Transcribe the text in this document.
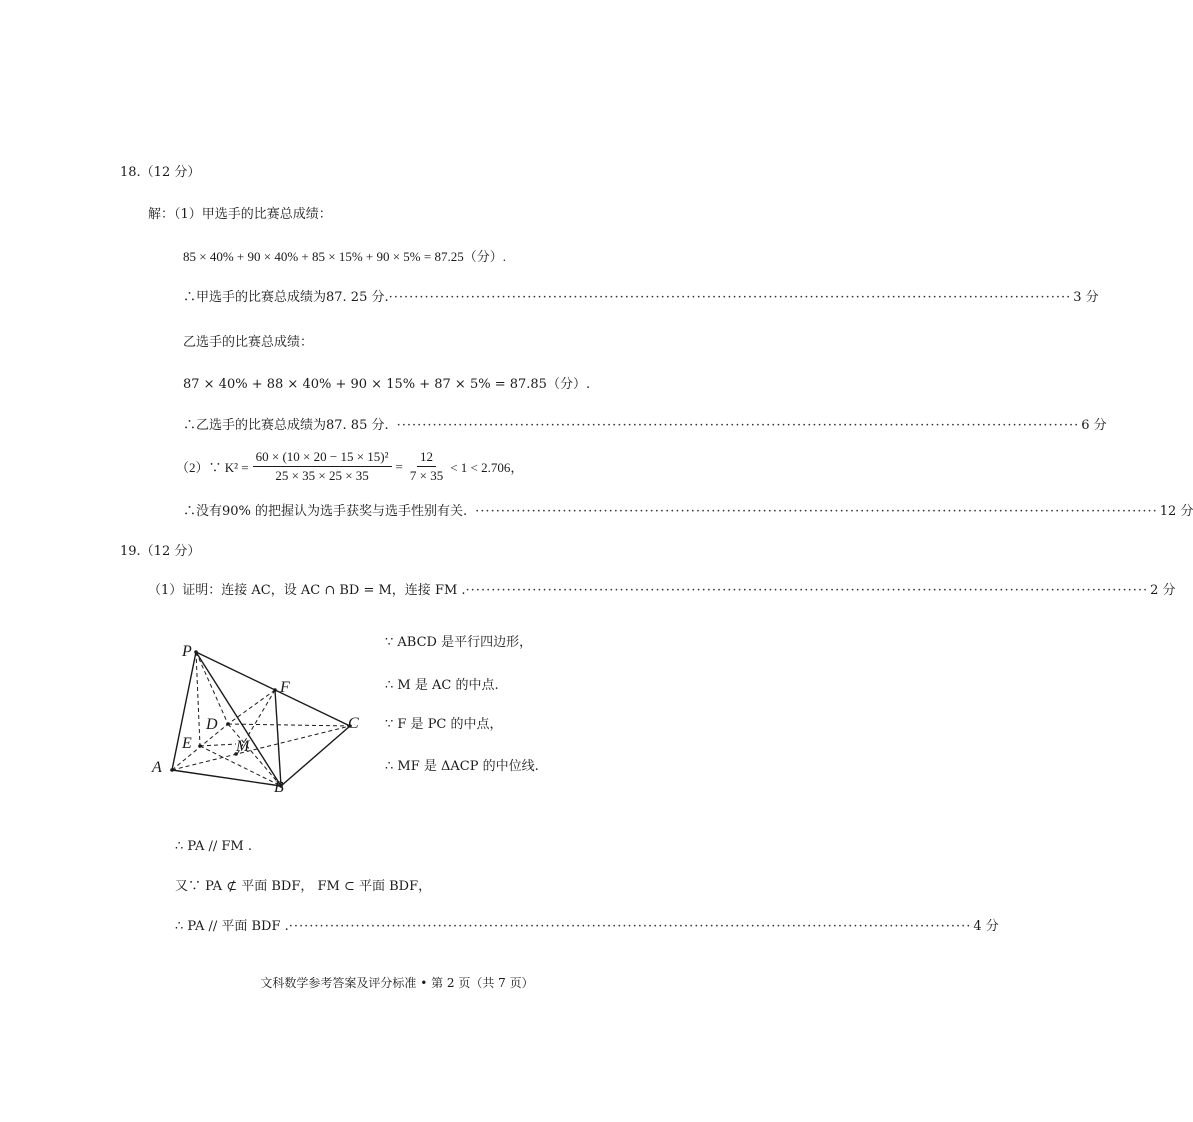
18.（12 分）
解：（1）甲选手的比赛总成绩：
85 × 40% + 90 × 40% + 85 × 15% + 90 × 5% = 87.25（分）.
∴甲选手的比赛总成绩为87. 25 分. ····································································································································· 3 分
乙选手的比赛总成绩：
87 × 40% + 88 × 40% + 90 × 15% + 87 × 5% = 87.85（分）.
∴乙选手的比赛总成绩为87. 85 分. ····································································································································· 6 分
（2）∵ $K^2 = \frac{\text{60 × (10 × 20 − 15 × 15)²}}{25 \times 35 \times 25 \times 35} = \frac{12}{7 \times 35} < 1 < 2.706$，
∴没有90% 的把握认为选手获奖与选手性别有关. ····································································································································· 12 分
19.（12 分）
（1）证明：连接 AC，设 AC ∩ BD = M，连接 FM . ····································································································································· 2 分
P
F
C
D
E	M
A
B
∵ ABCD 是平行四边形，
∴ M 是 AC 的中点.
∵ F 是 PC 的中点，
∴ MF 是 ΔACP 的中位线.
∴ PA // FM .
又∵ PA ⊄ 平面 BDF， FM ⊂ 平面 BDF，
∴ PA // 平面 BDF . ····································································································································· 4 分
文科数学参考答案及评分标准 • 第 2 页（共 7 页）
